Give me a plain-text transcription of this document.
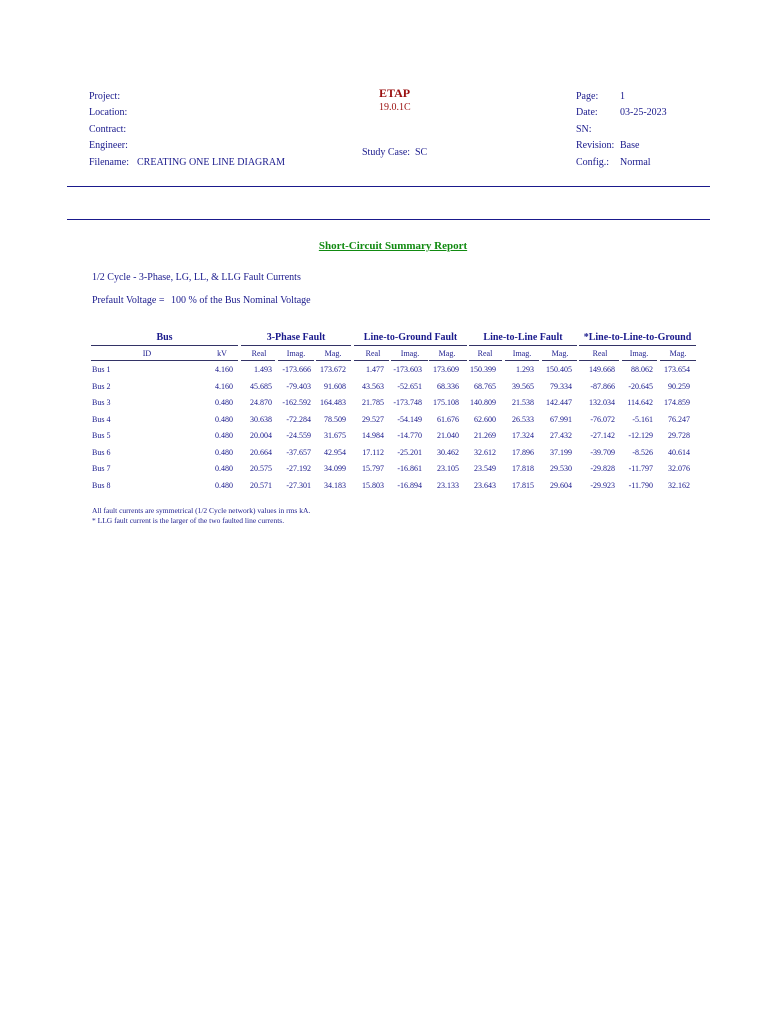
Project:
Location:
Contract:
Engineer:
Filename: CREATING ONE LINE DIAGRAM
ETAP
19.0.1C
Study Case: SC
Page: 1
Date: 03-25-2023
SN:
Revision: Base
Config.: Normal
Short-Circuit Summary Report
1/2 Cycle - 3-Phase, LG, LL, & LLG Fault Currents
Prefault Voltage = 100 % of the Bus Nominal Voltage
Bus	3-Phase Fault	Line-to-Ground Fault	Line-to-Line Fault	*Line-to-Line-to-Ground
ID	kV	Real	Imag.	Mag.	Real	Imag.	Mag.	Real	Imag.	Mag.	Real	Imag.	Mag.
Bus 1	4.160	1.493	-173.666	173.672	1.477	-173.603	173.609	150.399	1.293	150.405	149.668	88.062	173.654
Bus 2	4.160	45.685	-79.403	91.608	43.563	-52.651	68.336	68.765	39.565	79.334	-87.866	-20.645	90.259
Bus 3	0.480	24.870	-162.592	164.483	21.785	-173.748	175.108	140.809	21.538	142.447	132.034	114.642	174.859
Bus 4	0.480	30.638	-72.284	78.509	29.527	-54.149	61.676	62.600	26.533	67.991	-76.072	-5.161	76.247
Bus 5	0.480	20.004	-24.559	31.675	14.984	-14.770	21.040	21.269	17.324	27.432	-27.142	-12.129	29.728
Bus 6	0.480	20.664	-37.657	42.954	17.112	-25.201	30.462	32.612	17.896	37.199	-39.709	-8.526	40.614
Bus 7	0.480	20.575	-27.192	34.099	15.797	-16.861	23.105	23.549	17.818	29.530	-29.828	-11.797	32.076
Bus 8	0.480	20.571	-27.301	34.183	15.803	-16.894	23.133	23.643	17.815	29.604	-29.923	-11.790	32.162
All fault currents are symmetrical (1/2 Cycle network) values in rms kA.
* LLG fault current is the larger of the two faulted line currents.
